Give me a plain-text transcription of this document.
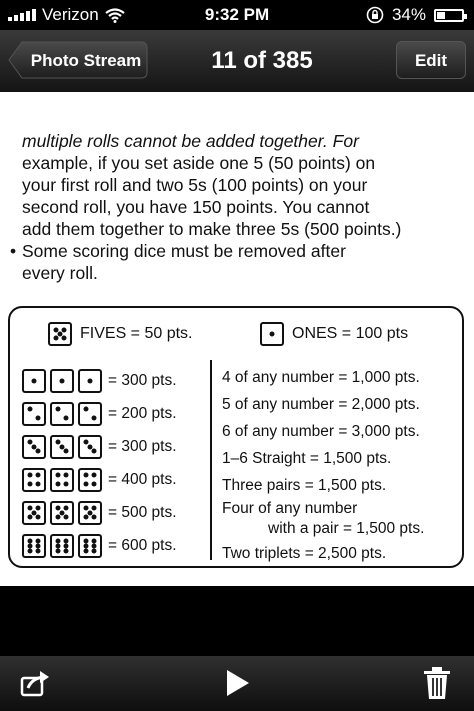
Verizon	9:32 PM	34%
Photo Stream	11 of 385	Edit

multiple rolls cannot be added together. For

example, if you set aside one 5 (50 points) on

your first roll and two 5s (100 points) on your

second roll, you have 150 points. You cannot

add them together to make three 5s (500 points.)

• Some scoring dice must be removed after
every roll.
FIVES = 50 pts.	ONES = 100 pts
= 300 pts.
= 200 pts.
= 300 pts.
= 400 pts.
= 500 pts.
= 600 pts.
4 of any number = 1,000 pts.
5 of any number = 2,000 pts.
6 of any number = 3,000 pts.
1–6 Straight = 1,500 pts.
Three pairs = 1,500 pts.
Four of any number
with a pair = 1,500 pts.
Two triplets = 2,500 pts.
